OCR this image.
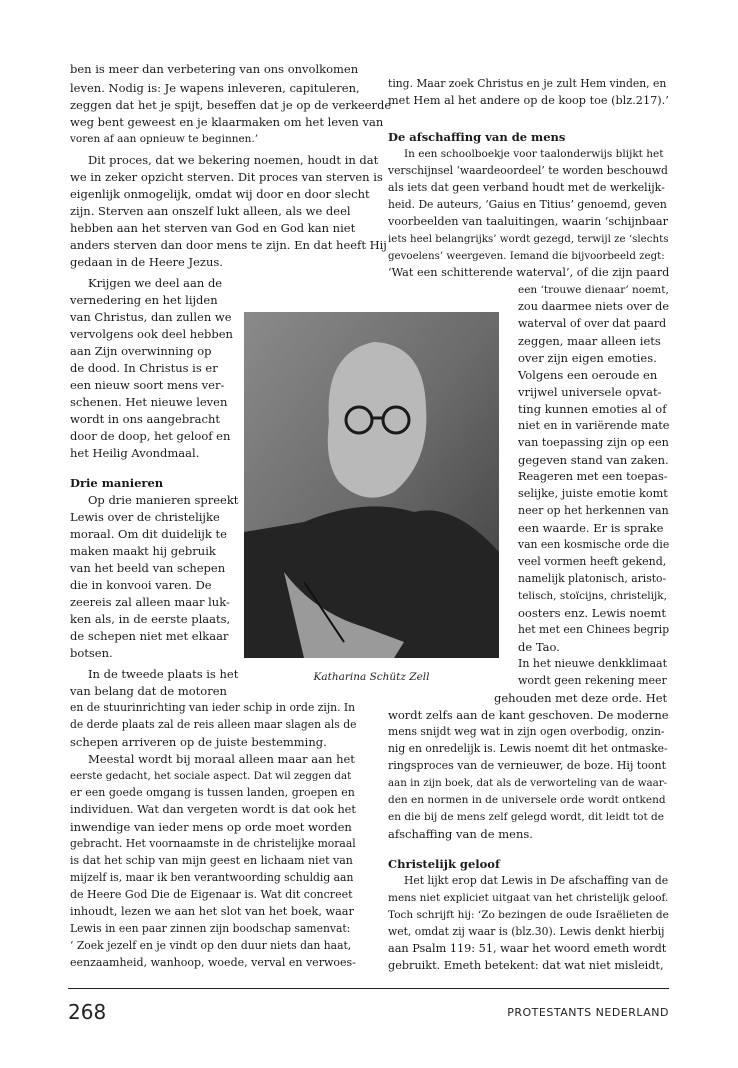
ben is meer dan verbetering van ons onvolkomen

leven. Nodig is: Je wapens inleveren, capituleren,

zeggen dat het je spijt, beseffen dat je op de verkeerde

weg bent geweest en je klaarmaken om het leven van

voren af aan opnieuw te beginnen.’

Dit proces, dat we bekering noemen, houdt in dat

we in zeker opzicht sterven. Dit proces van sterven is

eigenlijk onmogelijk, omdat wij door en door slecht

zijn. Sterven aan onszelf lukt alleen, als we deel

hebben aan het sterven van God en God kan niet

anders sterven dan door mens te zijn. En dat heeft Hij

gedaan in de Heere Jezus.

Krijgen we deel aan de

vernedering en het lijden

van Christus, dan zullen we

vervolgens ook deel hebben

aan Zijn overwinning op

de dood. In Christus is er

een nieuw soort mens ver-

schenen. Het nieuwe leven

wordt in ons aangebracht

door de doop, het geloof en

het Heilig Avondmaal.

Drie manieren

Op drie manieren spreekt

Lewis over de christelijke

moraal. Om dit duidelijk te

maken maakt hij gebruik

van het beeld van schepen

die in konvooi varen. De

zeereis zal alleen maar luk-

ken als, in de eerste plaats,

de schepen niet met elkaar

botsen.

In de tweede plaats is het

van belang dat de motoren

en de stuurinrichting van ieder schip in orde zijn. In

de derde plaats zal de reis alleen maar slagen als de

schepen arriveren op de juiste bestemming.

Meestal wordt bij moraal alleen maar aan het

eerste gedacht, het sociale aspect. Dat wil zeggen dat

er een goede omgang is tussen landen, groepen en

individuen. Wat dan vergeten wordt is dat ook het

inwendige van ieder mens op orde moet worden

gebracht. Het voornaamste in de christelijke moraal

is dat het schip van mijn geest en lichaam niet van

mijzelf is, maar ik ben verantwoording schuldig aan

de Heere God Die de Eigenaar is. Wat dit concreet

inhoudt, lezen we aan het slot van het boek, waar

Lewis in een paar zinnen zijn boodschap samenvat:

‘ Zoek jezelf en je vindt op den duur niets dan haat,

eenzaamheid, wanhoop, woede, verval en verwoes-

ting. Maar zoek Christus en je zult Hem vinden, en

met Hem al het andere op de koop toe (blz.217).’

De afschaffing van de mens

In een schoolboekje voor taalonderwijs blijkt het

verschijnsel ‘waardeoordeel’ te worden beschouwd

als iets dat geen verband houdt met de werkelijk-

heid. De auteurs, ‘Gaius en Titius’ genoemd, geven

voorbeelden van taaluitingen, waarin ‘schijnbaar

iets heel belangrijks’ wordt gezegd, terwijl ze ‘slechts

gevoelens’ weergeven. Iemand die bijvoorbeeld zegt:

‘Wat een schitterende waterval’, of die zijn paard

een ‘trouwe dienaar’ noemt,

zou daarmee niets over de

waterval of over dat paard

zeggen, maar alleen iets

over zijn eigen emoties.

Volgens een oeroude en

vrijwel universele opvat-

ting kunnen emoties al of

niet en in variërende mate

van toepassing zijn op een

gegeven stand van zaken.

Reageren met een toepas-

selijke, juiste emotie komt

neer op het herkennen van

een waarde. Er is sprake

van een kosmische orde die

veel vormen heeft gekend,

namelijk platonisch, aristo-

telisch, stoïcijns, christelijk,

oosters enz. Lewis noemt

het met een Chinees begrip

de Tao.

In het nieuwe denkklimaat

wordt geen rekening meer

gehouden met deze orde. Het

wordt zelfs aan de kant geschoven. De moderne

mens snijdt weg wat in zijn ogen overbodig, onzin-

nig en onredelijk is. Lewis noemt dit het ontmaske-

ringsproces van de vernieuwer, de boze. Hij toont

aan in zijn boek, dat als de verworteling van de waar-

den en normen in de universele orde wordt ontkend

en die bij de mens zelf gelegd wordt, dit leidt tot de

afschaffing van de mens.

Christelijk geloof

Het lijkt erop dat Lewis in De afschaffing van de

mens niet expliciet uitgaat van het christelijk geloof.

Toch schrijft hij: ‘Zo bezingen de oude Israëlieten de

wet, omdat zij waar is (blz.30). Lewis denkt hierbij

aan Psalm 119: 51, waar het woord emeth wordt

gebruikt. Emeth betekent: dat wat niet misleidt,

Katharina Schütz Zell
268	PROTESTANTS NEDERLAND
